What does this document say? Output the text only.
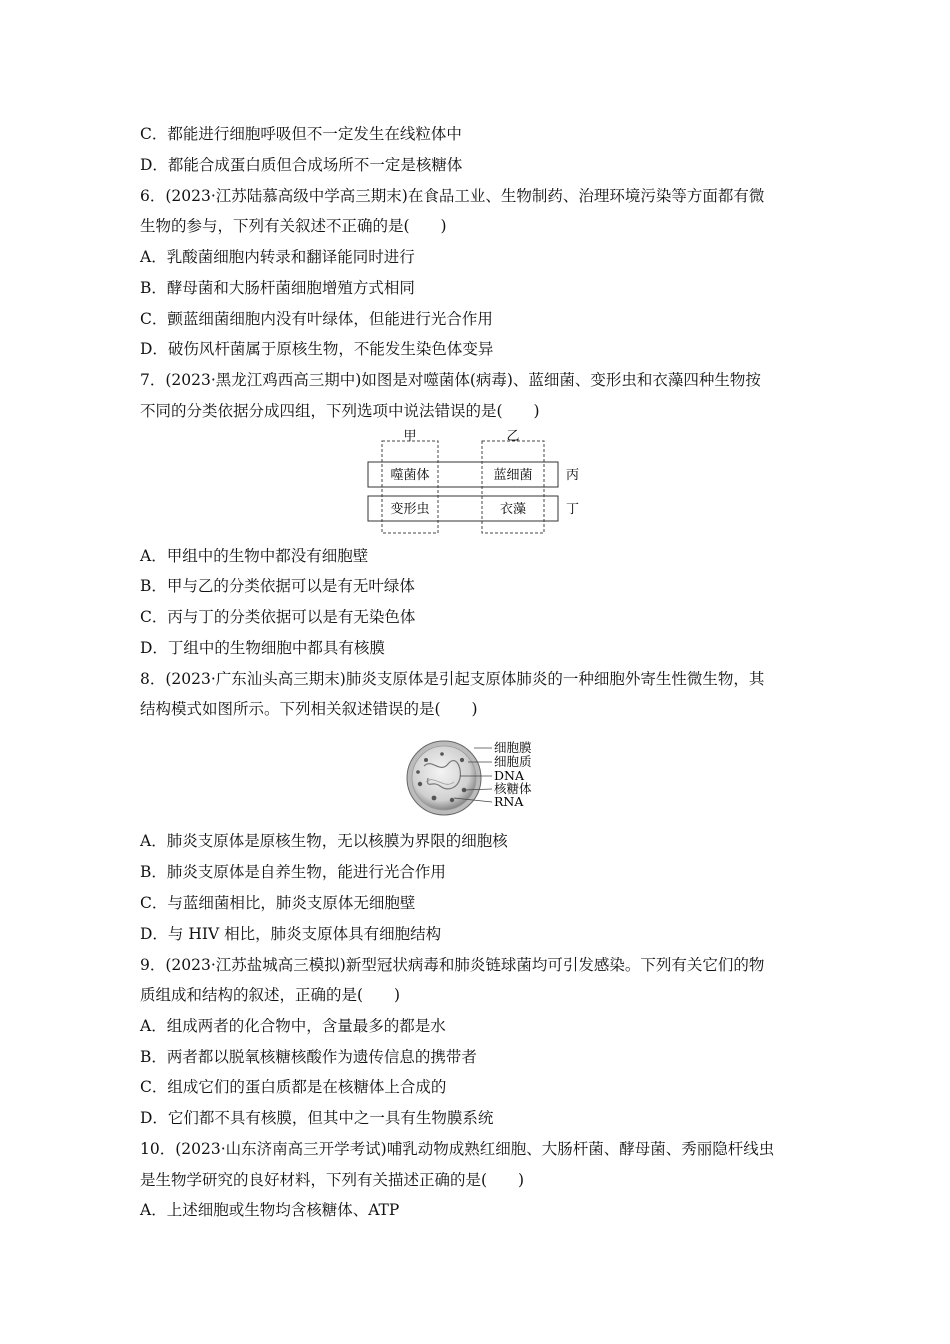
C．都能进行细胞呼吸但不一定发生在线粒体中
D．都能合成蛋白质但合成场所不一定是核糖体
6．(2023·江苏陆慕高级中学高三期末)在食品工业、生物制药、治理环境污染等方面都有微
生物的参与，下列有关叙述不正确的是(　　)
A．乳酸菌细胞内转录和翻译能同时进行
B．酵母菌和大肠杆菌细胞增殖方式相同
C．颤蓝细菌细胞内没有叶绿体，但能进行光合作用
D．破伤风杆菌属于原核生物，不能发生染色体变异
7．(2023·黑龙江鸡西高三期中)如图是对噬菌体(病毒)、蓝细菌、变形虫和衣藻四种生物按
不同的分类依据分成四组，下列选项中说法错误的是(　　)
A．甲组中的生物中都没有细胞壁
B．甲与乙的分类依据可以是有无叶绿体
C．丙与丁的分类依据可以是有无染色体
D．丁组中的生物细胞中都具有核膜
8．(2023·广东汕头高三期末)肺炎支原体是引起支原体肺炎的一种细胞外寄生性微生物，其
结构模式如图所示。下列相关叙述错误的是(　　)
A．肺炎支原体是原核生物，无以核膜为界限的细胞核
B．肺炎支原体是自养生物，能进行光合作用
C．与蓝细菌相比，肺炎支原体无细胞壁
D．与 HIV 相比，肺炎支原体具有细胞结构
9．(2023·江苏盐城高三模拟)新型冠状病毒和肺炎链球菌均可引发感染。下列有关它们的物
质组成和结构的叙述，正确的是(　　)
A．组成两者的化合物中，含量最多的都是水
B．两者都以脱氧核糖核酸作为遗传信息的携带者
C．组成它们的蛋白质都是在核糖体上合成的
D．它们都不具有核膜，但其中之一具有生物膜系统
10．(2023·山东济南高三开学考试)哺乳动物成熟红细胞、大肠杆菌、酵母菌、秀丽隐杆线虫
是生物学研究的良好材料，下列有关描述正确的是(　　)
A．上述细胞或生物均含核糖体、ATP
甲	乙
丙
丁
噬菌体	蓝细菌
变形虫	衣藻
细胞膜
细胞质
DNA
核糖体
RNA
